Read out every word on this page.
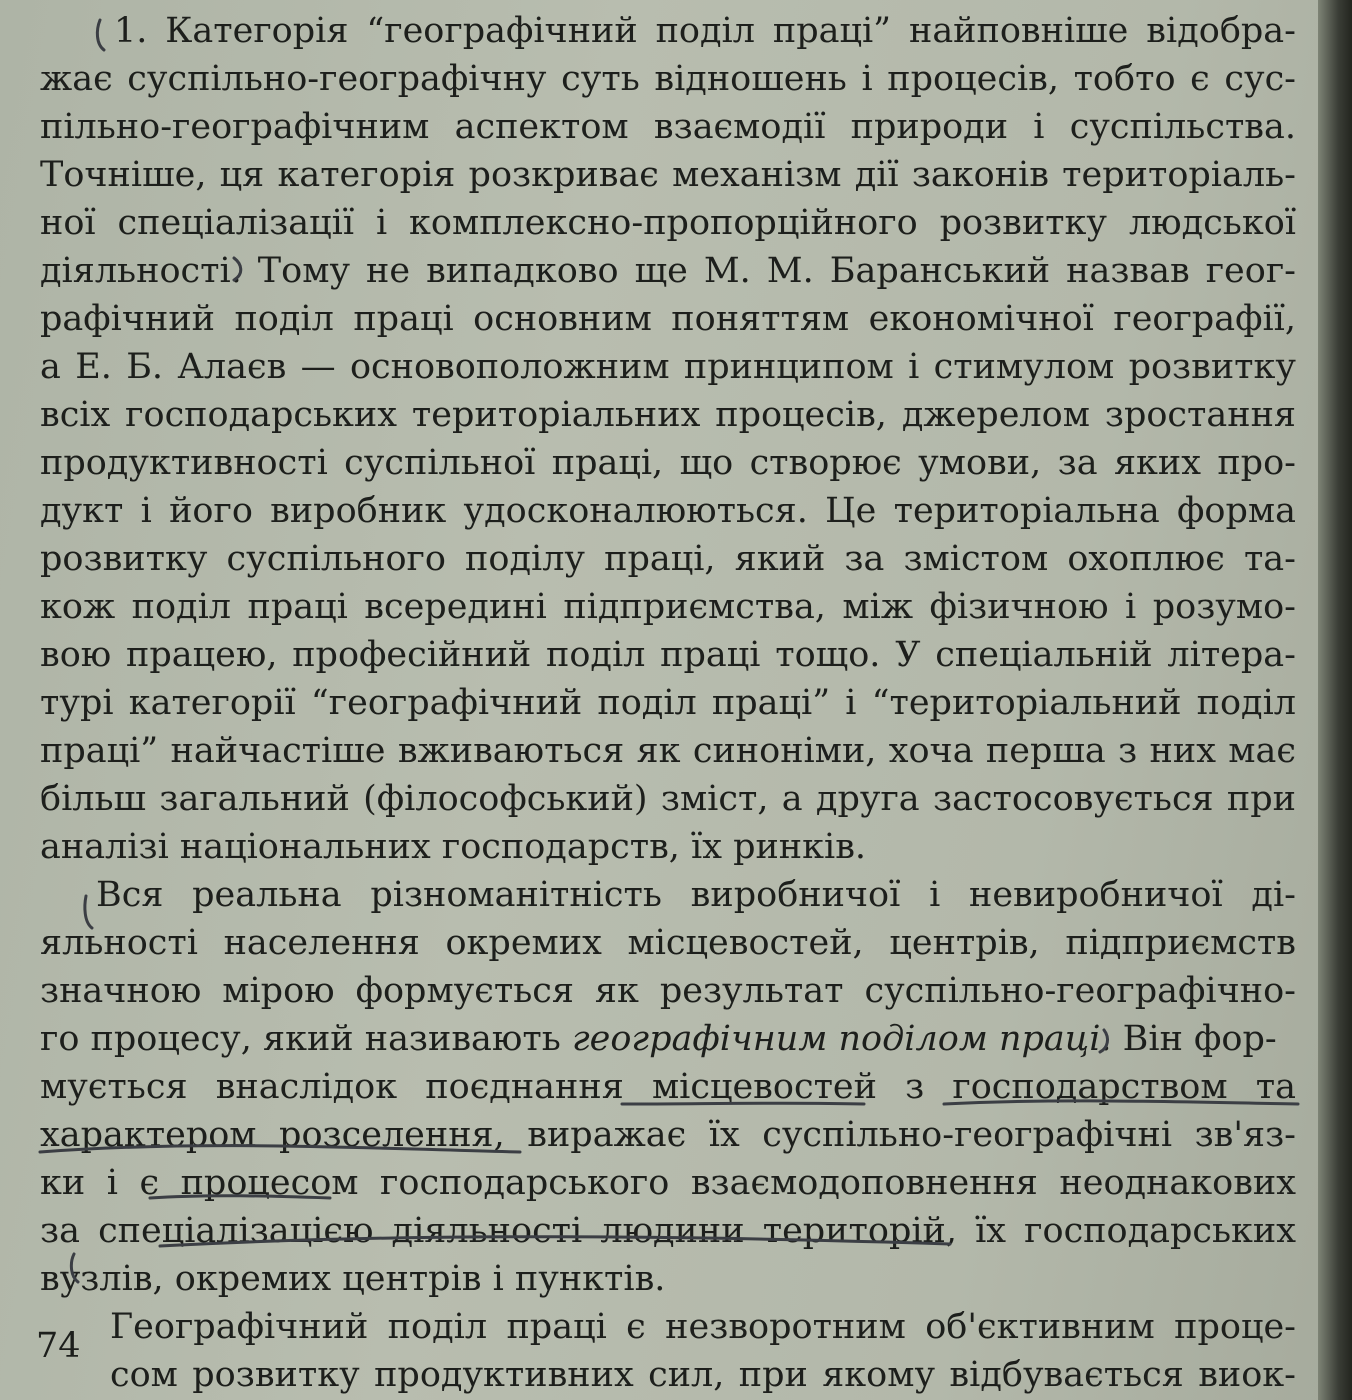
1. Категорія “географічний поділ праці” найповніше відобра-
жає суспільно-географічну суть відношень і процесів, тобто є сус-
пільно-географічним аспектом взаємодії природи і суспільства.
Точніше, ця категорія розкриває механізм дії законів територіаль-
ної спеціалізації і комплексно-пропорційного розвитку людської
діяльності. Тому не випадково ще М. М. Баранський назвав геог-
рафічний поділ праці основним поняттям економічної географії,
а Е. Б. Алаєв — основоположним принципом і стимулом розвитку
всіх господарських територіальних процесів, джерелом зростання
продуктивності суспільної праці, що створює умови, за яких про-
дукт і його виробник удосконалюються. Це територіальна форма
розвитку суспільного поділу праці, який за змістом охоплює та-
кож поділ праці всередині підприємства, між фізичною і розумо-
вою працею, професійний поділ праці тощо. У спеціальній літера-
турі категорії “географічний поділ праці” і “територіальний поділ
праці” найчастіше вживаються як синоніми, хоча перша з них має
більш загальний (філософський) зміст, а друга застосовується при
аналізі національних господарств, їх ринків.
Вся реальна різноманітність виробничої і невиробничої ді-
яльності населення окремих місцевостей, центрів, підприємств
значною мірою формується як результат суспільно-географічно-
го процесу, який називають географічним поділом праці. Він фор-
мується внаслідок поєднання місцевостей з господарством та
характером розселення, виражає їх суспільно-географічні зв'яз-
ки і є процесом господарського взаємодоповнення неоднакових
за спеціалізацією діяльності людини територій, їх господарських
вузлів, окремих центрів і пунктів.
Географічний поділ праці є незворотним об'єктивним проце-
сом розвитку продуктивних сил, при якому відбувається виок-
74
